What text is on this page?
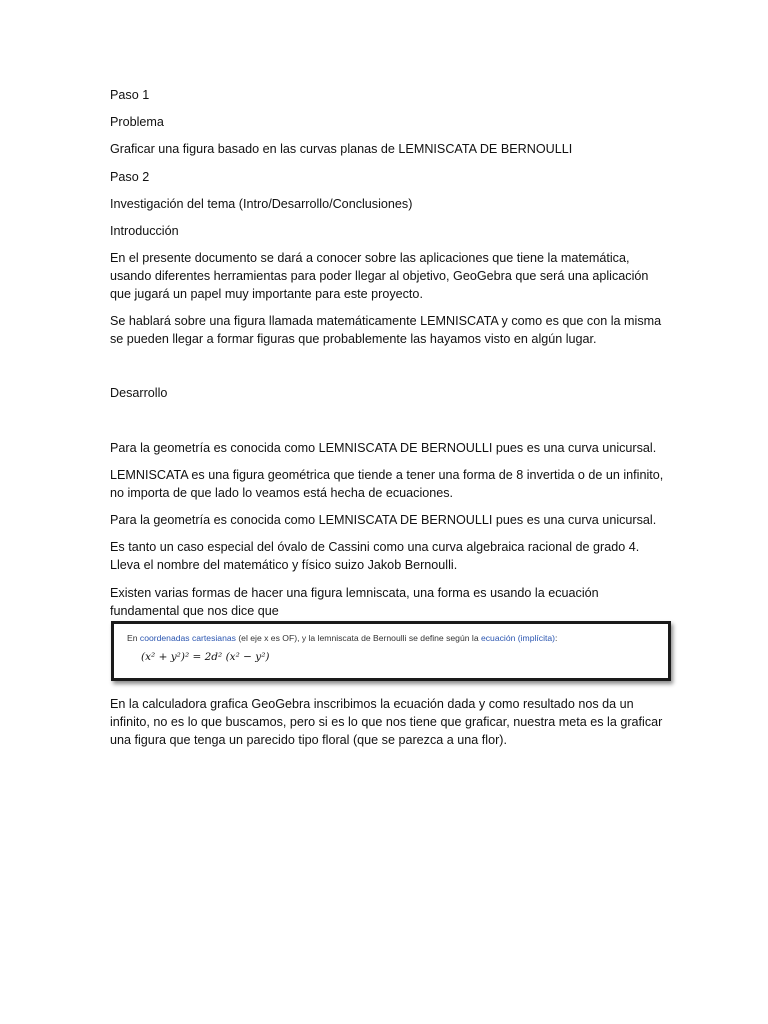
Paso 1

Problema

Graficar una figura basado en las curvas planas de LEMNISCATA DE BERNOULLI

Paso 2

Investigación del tema (Intro/Desarrollo/Conclusiones)

Introducción

En el presente documento se dará a conocer sobre las aplicaciones que tiene la matemática, usando diferentes herramientas para poder llegar al objetivo, GeoGebra que será una aplicación que jugará un papel muy importante para este proyecto.

Se hablará sobre una figura llamada matemáticamente LEMNISCATA y como es que con la misma se pueden llegar a formar figuras que probablemente las hayamos visto en algún lugar.

Desarrollo

Para la geometría es conocida como LEMNISCATA DE BERNOULLI pues es una curva unicursal.

LEMNISCATA es una figura geométrica que tiende a tener una forma de 8 invertida o de un infinito, no importa de que lado lo veamos está hecha de ecuaciones.

Para la geometría es conocida como LEMNISCATA DE BERNOULLI pues es una curva unicursal.

Es tanto un caso especial del óvalo de Cassini como una curva algebraica racional de grado 4. Lleva el nombre del matemático y físico suizo Jakob Bernoulli.

Existen varias formas de hacer una figura lemniscata, una forma es usando la ecuación fundamental que nos dice que

En coordenadas cartesianas (el eje x es OF), y la lemniscata de Bernoulli se define según la ecuación (implícita):
(x² + y²)² = 2d² (x² − y²)

En la calculadora grafica GeoGebra inscribimos la ecuación dada y como resultado nos da un infinito, no es lo que buscamos, pero si es lo que nos tiene que graficar, nuestra meta es la graficar una figura que tenga un parecido tipo floral (que se parezca a una flor).
